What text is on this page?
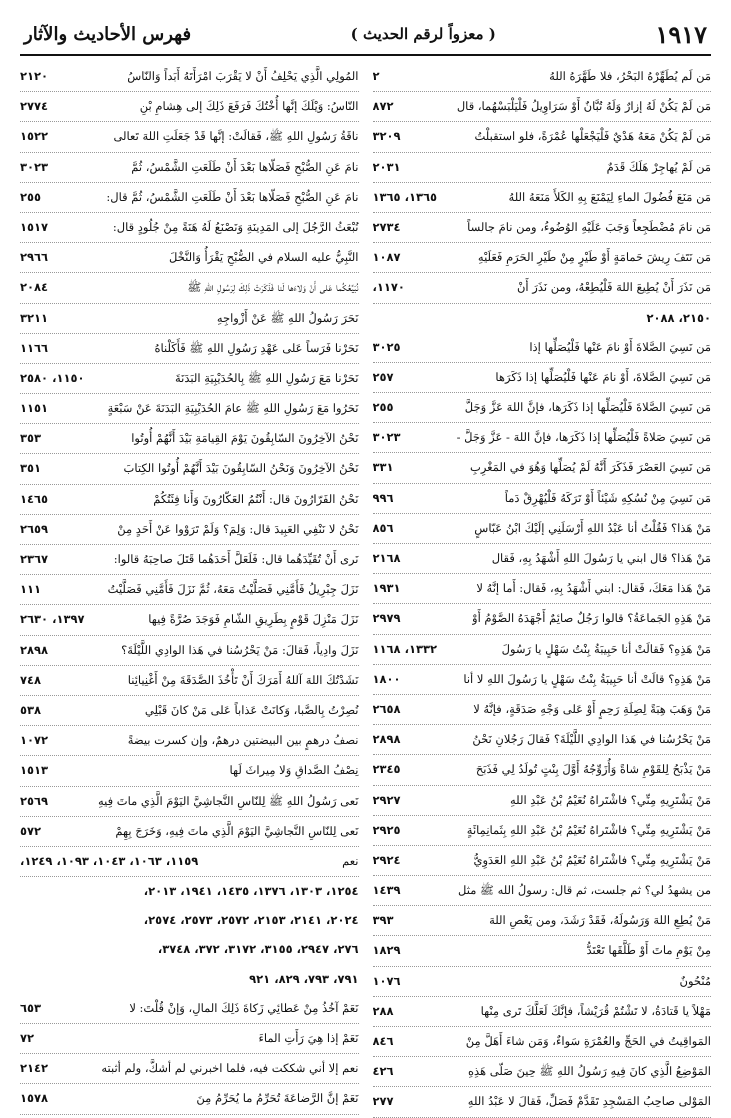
١٩١٧
( معزواً لرقم الحديث )
فهرس الأحاديث والآثار
مَن لَم يُطَهِّرْهُ البَحْرُ، فلا طَهَّرَهُ اللهُ
٢
مَن لَمْ يَكُنْ لَهُ إزارٌ وَلَهُ تُبَّانٌ أَوْ سَرَاوِيلُ فَلْيَلْبَسْهُما، قال
٨٧٢
مَن لَمْ يَكُنْ مَعَهُ هَدْيٌ فَلْيَجْعَلْها عُمْرَةً، فلو استقبلْتُ
٣٢٠٩
مَن لَمْ يُهاجِرْ هَلَكَ قَدَمٌ
٢٠٣١
مَن مَنَعَ فُضُولَ الماءِ لِيَمْنَعَ بِهِ الكَلأَ مَنَعَهُ اللهُ
١٣٦٥، ١٣٦٥
مَن نامَ مُضْطَجِعاً وَجَبَ عَلَيْهِ الوُضُوءُ، ومن نامَ جالساً
٢٧٣٤
مَن نَتَفَ رِيشَ حَمامَةٍ أَوْ طَيْرٍ مِنْ طَيْرِ الحَرَمِ فَعَلَيْهِ
١٠٨٧
مَن نَذَرَ أَنْ يُطِيعَ اللهَ فَلْيُطِعْهُ، ومن نَذَرَ أَنْ
١١٧٠،
٢١٥٠، ٢٠٨٨
مَن نَسِيَ الصَّلاةَ أَوْ نامَ عَنْها فَلْيُصَلِّها إذا
٣٠٢٥
مَن نَسِيَ الصَّلاةَ، أَوْ نامَ عَنْها فَلْيُصَلِّها إذا ذَكَرَها
٢٥٧
مَن نَسِيَ الصَّلاةَ فَلْيُصَلِّها إذا ذَكَرَها، فإنَّ اللهَ عَزَّ وَجَلَّ
٢٥٥
مَن نَسِيَ صَلاةً فَلْيُصَلِّها إذا ذَكَرَها، فإنَّ اللهَ - عَزَّ وَجَلَّ -
٣٠٢٣
مَن نَسِيَ العَصْرَ فَذَكَرَ أَنَّهُ لَمْ يُصَلِّها وَهُوَ في المَغْرِبِ
٣٣١
مَن نَسِيَ مِنْ نُسُكِهِ شَيْئاً أَوْ تَرَكَهُ فَلْيُهْرِقْ دَماً
٩٩٦
مَنْ هَذا؟ فَقُلْتُ أنا عَبْدُ اللهِ أَرْسَلَنِي إلَيْكَ ابْنُ عَبّاسٍ
٨٥٦
مَنْ هَذا؟ قال ابني يا رَسُولَ اللهِ أَشْهَدُ بِهِ، فَقال
٢١٦٨
مَنْ هَذا مَعَكَ، فَقال: ابني أَشْهَدُ بِهِ، فَقال: أَما إنَّهُ لا
١٩٣١
مَنْ هَذِهِ الجَماعَةُ؟ قالوا رَجُلٌ صائِمٌ أَجْهَدَهُ الصَّوْمُ أَوْ
٢٩٧٩
مَنْ هَذِهِ؟ فَقالَتْ أنا حَبِيبَةُ بِنْتُ سَهْلٍ يا رَسُولَ
١٣٣٢، ١١٦٨
مَنْ هَذِهِ؟ قالَتْ أنا حَبِيبَةُ بِنْتُ سَهْلٍ يا رَسُولَ اللهِ لا أنا
١٨٠٠
مَنْ وَهَبَ هِبَةً لِصِلَةِ رَحِمٍ أَوْ عَلى وَجْهِ صَدَقَةٍ، فإنَّهُ لا
٢٦٥٨
مَنْ يَحْرُسُنا في هَذا الوادِي اللَّيْلَةَ؟ فَقالَ رَجُلانِ نَحْنُ
٢٨٩٨
مَنْ يَذْبَحُ لِلقَوْمِ شاةً وَأُزَوِّجُهُ أَوَّلَ بِنْتٍ تُولَدُ لِي فَذَبَحَ
٢٣٤٥
مَنْ يَشْتَرِيهِ مِنِّي؟ فاشْتَراهُ نُعَيْمُ بْنُ عَبْدِ اللهِ
٢٩٢٧
مَنْ يَشْتَرِيهِ مِنِّي؟ فاشْتَراهُ نُعَيْمُ بْنُ عَبْدِ اللهِ بِثَمانِمِائَةٍ
٢٩٢٥
مَنْ يَشْتَرِيهِ مِنِّي؟ فاشْتَراهُ نُعَيْمُ بْنُ عَبْدِ اللهِ العَدَوِيُّ
٢٩٢٤
من يشهدُ لي؟ ثم جلست، ثم قال: رسولُ الله ﷺ مثل
١٤٣٩
مَنْ يُطِعِ اللهَ وَرَسُولَهُ، فَقَدْ رَشَدَ، ومن يَعْصِ اللهَ
٣٩٣
مِنْ يَوْمِ ماتَ أَوْ طَلَّقَها تَعْتَدُّ
١٨٢٩
مُنْحُونٌ
١٠٧٦
مَهْلاً يا قَتادَةُ، لا تَشْتُمْ قُرَيْشاً، فإنَّكَ لَعَلَّكَ تَرى مِنْها
٢٨٨
المَواقِيتُ في الحَجِّ والعُمْرَةِ سَواءٌ، وَمَن شاءَ أَهَلَّ مِنْ
٨٤٦
المَوْضِعُ الَّذِي كانَ فِيهِ رَسُولُ اللهِ ﷺ حِينَ صَلّى هَذِهِ
٤٢٦
المَوْلى صاحِبُ المَسْجِدِ تَقَدَّمْ فَصَلِّ، فَقالَ لا عَبْدُ اللهِ
٢٧٧
المُولِي الَّذِي يَحْلِفُ أَنْ لا يَقْرَبَ امْرَأَتَهُ أَبَداً وَالنّاسُ
٢١٢٠
النّاسُ: وَيْلَكَ إنَّها أُخْتُكَ فَرَفَعَ ذَلِكَ إلى هِشامِ بْنِ
٢٧٧٤
ناقَةُ رَسُولِ اللهِ ﷺ، فَقالَتْ: إنَّها قَدْ جَعَلَتِ اللهَ تَعالى
١٥٢٢
نامَ عَنِ الصُّبْحِ فَصَلّاها بَعْدَ أَنْ طَلَعَتِ الشَّمْسُ، ثُمَّ
٣٠٢٣
نامَ عَنِ الصُّبْحِ فَصَلّاها بَعْدَ أَنْ طَلَعَتِ الشَّمْسُ، ثُمَّ قال:
٢٥٥
نُبْعَثُ الرَّجُلَ إلى المَدِينَةِ وَنَصْنَعُ لَهُ هَنَةً مِنْ جُلُودٍ قال:
١٥١٧
النَّبِيُّ عليه السلام في الصُّبْحِ يَقْرَأُ وَالنَّخْلَ
٢٩٦٦
نُبَيِّعُكُما عَلى أَنْ وَلاءَها لَنا فَذَكَرَتْ ذَلِكَ لِرَسُولِ اللهِ ﷺ
٢٠٨٤
نَحَرَ رَسُولُ اللهِ ﷺ عَنْ أَزْواجِهِ
٣٢١١
نَحَرْنا فَرَساً عَلى عَهْدِ رَسُولِ اللهِ ﷺ فَأَكَلْناهُ
١١٦٦
نَحَرْنا مَعَ رَسُولِ اللهِ ﷺ بِالحُدَيْبِيَةِ البَدَنَةَ
١١٥٠، ٢٥٨٠
نَحَرُوا مَعَ رَسُولِ اللهِ ﷺ عامَ الحُدَيْبِيَةِ البَدَنَةَ عَنْ سَبْعَةٍ
١١٥١
نَحْنُ الآخِرُونَ السّابِقُونَ يَوْمَ القِيامَةِ بَيْدَ أَنَّهُمْ أُوتُوا
٣٥٣
نَحْنُ الآخِرُونَ وَنَحْنُ السّابِقُونَ بَيْدَ أَنَّهُمْ أُوتُوا الكِتابَ
٣٥١
نَحْنُ الفَرّارُونَ قال: أَنْتُمُ العَكّارُونَ وَأَنا فِئَتُكُمْ
١٤٦٥
نَحْنُ لا نَنْفِي العَبِيدَ قال: وَلِمَ؟ وَلَمْ تَرَوْوا عَنْ أَحَدٍ مِنْ
٢٦٥٩
نَرى أَنْ تُقَيِّدَهُما قال: فَلَعَلَّ أَحَدَهُما قَتَلَ صاحِبَهُ قالوا:
٢٣٦٧
نَزَلَ جِبْرِيلُ فَأَمَّنِي فَصَلَّيْتُ مَعَهُ، ثُمَّ نَزَلَ فَأَمَّنِي فَصَلَّيْتُ
١١١
نَزَلَ مَنْزِلَ قَوْمٍ بِطَرِيقِ الشّامِ فَوَجَدَ صُرَّةً فِيها
١٣٩٧، ٢٦٣٠
نَزَلَ وادِياً، فَقالَ: مَنْ يَحْرُسُنا في هَذا الوادِي اللَّيْلَةَ؟
٢٨٩٨
نَشَدْتُكَ اللهَ آللهُ أَمَرَكَ أَنْ تَأْخُذَ الصَّدَقَةَ مِنْ أَغْنِيائِنا
٧٤٨
نُصِرْتُ بِالصَّبا، وَكانَتْ عَذاباً عَلى مَنْ كانَ قَبْلِي
٥٣٨
نصفُ درهمٍ بين البيضتين درهمٌ، وإن كسرت بيضةً
١٠٧٢
نِصْفُ الصَّداقِ وَلا مِيراثَ لَها
١٥١٣
نَعى رَسُولُ اللهِ ﷺ لِلنّاسِ النَّجاشِيَّ اليَوْمَ الَّذِي ماتَ فِيهِ
٢٥٦٩
نَعى لِلنّاسِ النَّجاشِيَّ اليَوْمَ الَّذِي ماتَ فِيهِ، وَخَرَجَ بِهِمْ
٥٧٢
نعم
١١٥٩، ١٠٦٣، ١٠٤٣، ١٠٩٣، ١٢٤٩،
١٢٥٤، ١٣٠٣، ١٣٧٦، ١٤٣٥، ١٩٤١، ٢٠١٣،
٢٠٢٤، ٢١٤١، ٢١٥٣، ٢٥٧٢، ٢٥٧٣، ٢٥٧٤،
٢٧٦، ٢٩٤٧، ٣١٥٥، ٣١٧٢، ٣٧٢، ٣٧٤٨،
٧٩١، ٧٩٣، ٨٢٩، ٩٢١
نَعَمْ آخُذُ مِنْ عَطائِي زَكاةَ ذَلِكَ المالِ، وَإنْ قُلْتَ: لا
٦٥٣
نَعَمْ إذا هِيَ رَأَتِ الماءَ
٧٢
نعم إلا أني شككت فيه، فلما اخبرني لم أشكَّ، ولم أثبته
٢١٤٢
نَعَمْ إنَّ الرَّضاعَةَ تُحَرِّمُ ما يُحَرِّمُ مِنَ
١٥٧٨
